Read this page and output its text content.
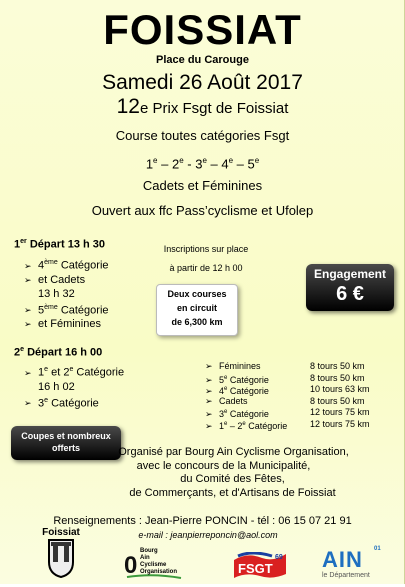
FOISSIAT
Place du Carouge
Samedi 26 Août 2017
12e Prix Fsgt de Foissiat
Course toutes catégories Fsgt
1e – 2e - 3e – 4e – 5e
Cadets et Féminines
Ouvert aux ffc Pass’cyclisme et Ufolep
1er Départ 13 h 30
➢ 4ème Catégorie
➢ et Cadets
13 h 32
➢ 5ème Catégorie
➢ et Féminines
2e Départ 16 h 00
➢ 1e et 2e Catégorie
16 h 02
➢ 3e Catégorie
Inscriptions sur place
à partir de 12 h 00
Deux courses
en circuit
de 6,300 km
Engagement
6 €
➢ Féminines	8 tours 50 km
➢ 5e Catégorie	8 tours 50 km
➢ 4e Catégorie	10 tours 63 km
➢ Cadets	8 tours 50 km
➢ 3e Catégorie	12 tours 75 km
➢ 1e – 2e Catégorie	12 tours 75 km
Coupes et nombreux
offerts	Organisé par Bourg Ain Cyclisme Organisation,
avec le concours de la Municipalité,
du Comité des Fêtes,
de Commerçants, et d'Artisans de Foissiat
Renseignements : Jean-Pierre PONCIN - tél : 06 15 07 21 91
e-mail : jeanpierreponcin@aol.com
Foissiat
0
Bourg
Ain
Cyclisme
Organisation	FSGT
69 AIN	01
le Département
